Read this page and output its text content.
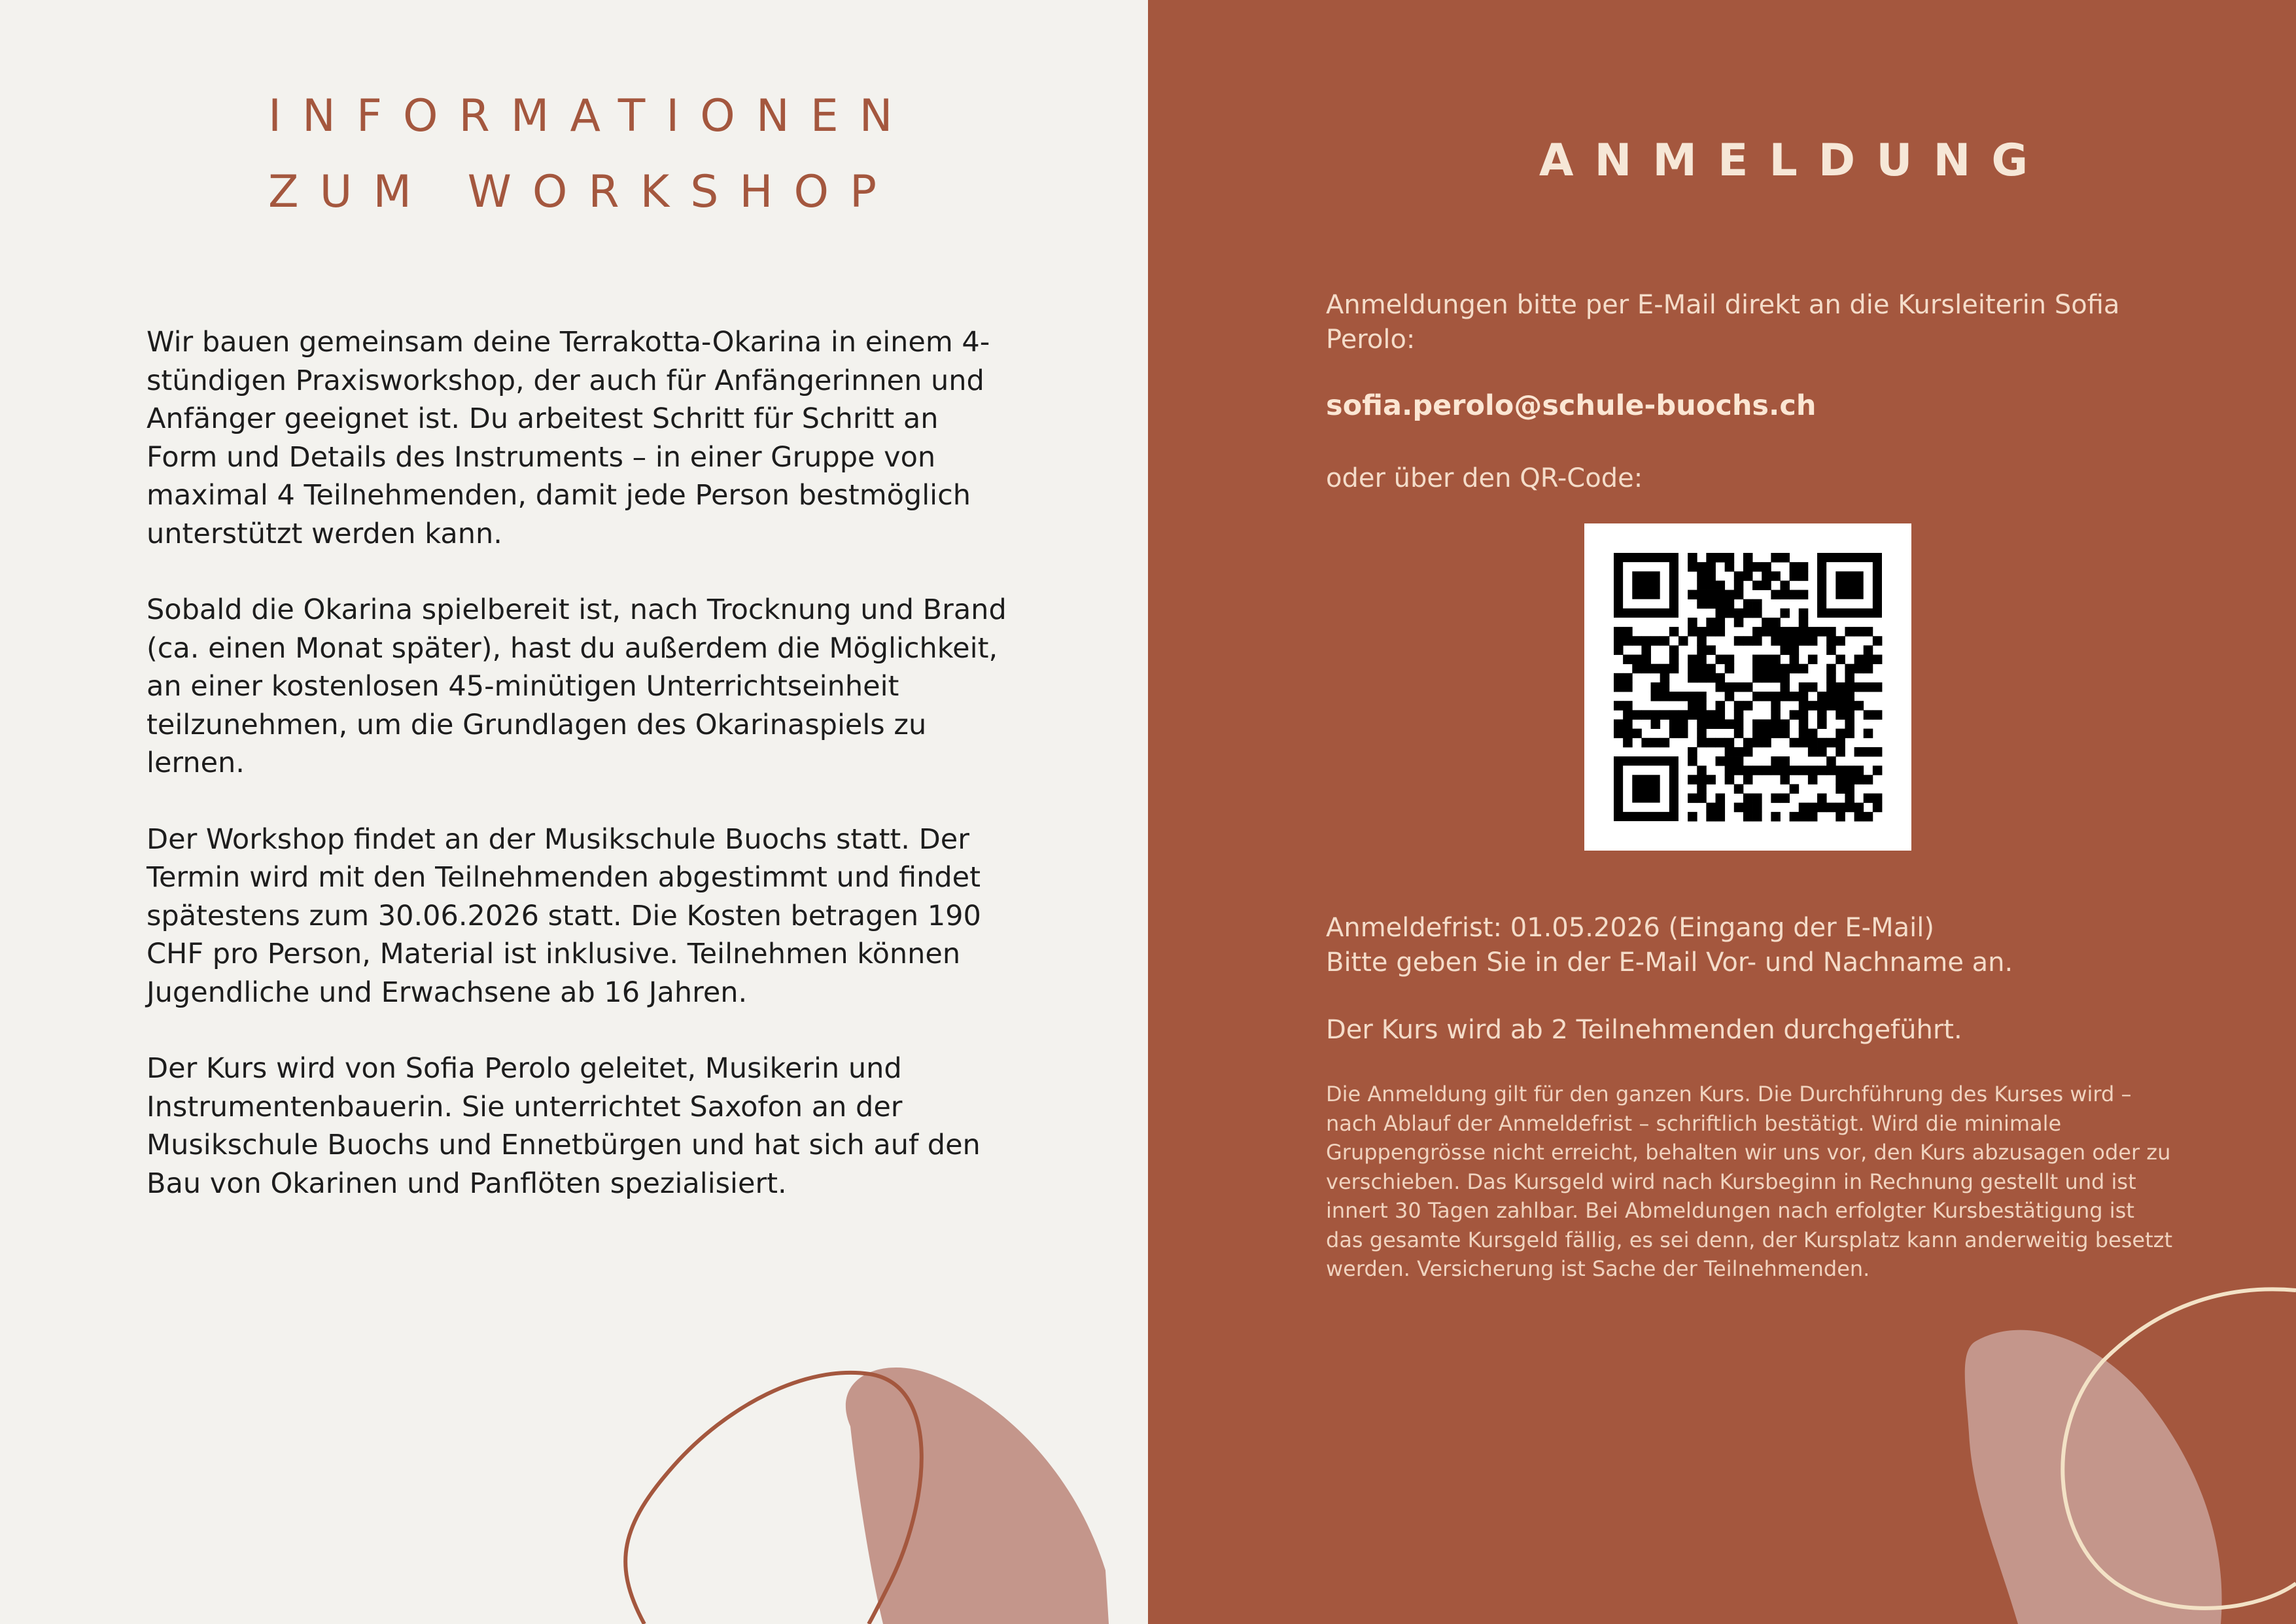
INFORMATIONEN
ZUM WORKSHOP

Wir bauen gemeinsam deine Terrakotta-Okarina in einem 4-stündigen Praxisworkshop, der auch für Anfängerinnen und Anfänger geeignet ist. Du arbeitest Schritt für Schritt an Form und Details des Instruments – in einer Gruppe von maximal 4 Teilnehmenden, damit jede Person bestmöglich unterstützt werden kann.

Sobald die Okarina spielbereit ist, nach Trocknung und Brand (ca. einen Monat später), hast du außerdem die Möglichkeit, an einer kostenlosen 45-minütigen Unterrichtseinheit teilzunehmen, um die Grundlagen des Okarinaspiels zu lernen.

Der Workshop findet an der Musikschule Buochs statt. Der Termin wird mit den Teilnehmenden abgestimmt und findet spätestens zum 30.06.2026 statt. Die Kosten betragen 190 CHF pro Person, Material ist inklusive. Teilnehmen können Jugendliche und Erwachsene ab 16 Jahren.

Der Kurs wird von Sofia Perolo geleitet, Musikerin und Instrumentenbauerin. Sie unterrichtet Saxofon an der Musikschule Buochs und Ennetbürgen und hat sich auf den Bau von Okarinen und Panflöten spezialisiert.

ANMELDUNG
Anmeldungen bitte per E-Mail direkt an die Kursleiterin Sofia Perolo:
sofia.perolo@schule-buochs.ch
oder über den QR-Code:
Anmeldefrist: 01.05.2026 (Eingang der E-Mail)
Bitte geben Sie in der E-Mail Vor- und Nachname an.
Der Kurs wird ab 2 Teilnehmenden durchgeführt.
Die Anmeldung gilt für den ganzen Kurs. Die Durchführung des Kurses wird – nach Ablauf der Anmeldefrist – schriftlich bestätigt. Wird die minimale Gruppengrösse nicht erreicht, behalten wir uns vor, den Kurs abzusagen oder zu verschieben. Das Kursgeld wird nach Kursbeginn in Rechnung gestellt und ist innert 30 Tagen zahlbar. Bei Abmeldungen nach erfolgter Kursbestätigung ist das gesamte Kursgeld fällig, es sei denn, der Kursplatz kann anderweitig besetzt werden. Versicherung ist Sache der Teilnehmenden.
